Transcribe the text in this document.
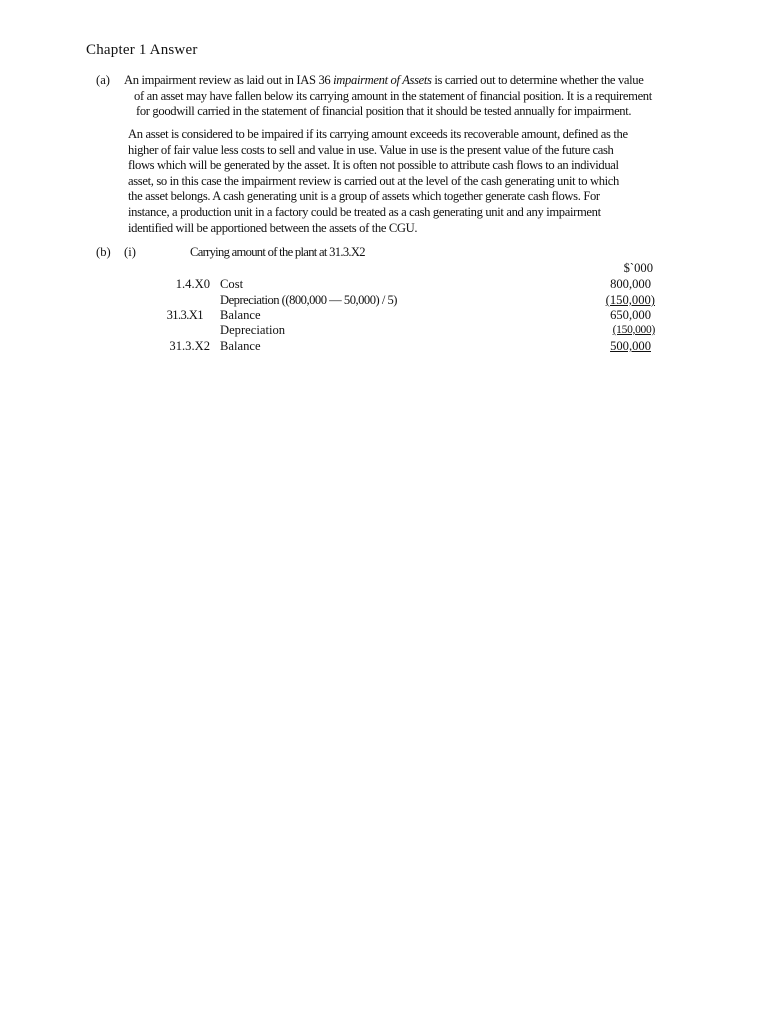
Chapter 1 Answer
(a) An impairment review as laid out in IAS 36 impairment of Assets is carried out to determine whether the value
of an asset may have fallen below its carrying amount in the statement of financial position. It is a requirement
for goodwill carried in the statement of financial position that it should be tested annually for impairment.
An asset is considered to be impaired if its carrying amount exceeds its recoverable amount, defined as the
higher of fair value less costs to sell and value in use. Value in use is the present value of the future cash
flows which will be generated by the asset. It is often not possible to attribute cash flows to an individual
asset, so in this case the impairment review is carried out at the level of the cash generating unit to which
the asset belongs. A cash generating unit is a group of assets which together generate cash flows. For
instance, a production unit in a factory could be treated as a cash generating unit and any impairment
identified will be apportioned between the assets of the CGU.
(b) (i)	Carrying amount of the plant at 31.3.X2
$`000
1.4.X0 Cost	800,000
Depreciation ((800,000 — 50,000) / 5)	(150,000)
31.3.X1 Balance	650,000
Depreciation	(150,000)
31.3.X2 Balance	500,000
